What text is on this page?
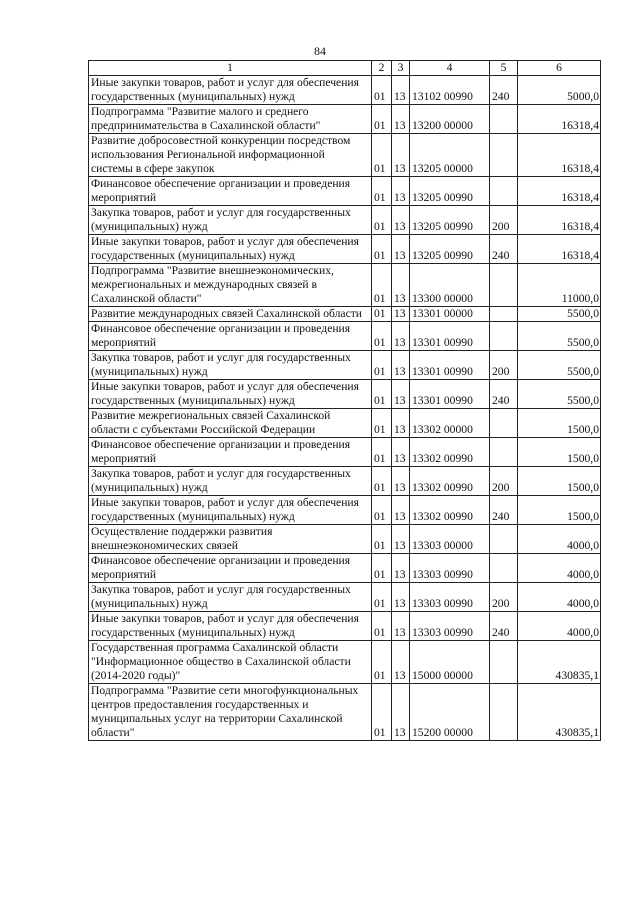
84
1	2	3	4	5	6
Иные закупки товаров, работ и услуг для обеспечения государственных (муниципальных) нужд	01	13	13102 00990	240	5000,0
Подпрограмма "Развитие малого и среднего предпринимательства в Сахалинской области"	01	13	13200 00000		16318,4
Развитие добросовестной конкуренции посредством использования Региональной информационной системы в сфере закупок	01	13	13205 00000		16318,4
Финансовое обеспечение организации и проведения мероприятий	01	13	13205 00990		16318,4
Закупка товаров, работ и услуг для государственных (муниципальных) нужд	01	13	13205 00990	200	16318,4
Иные закупки товаров, работ и услуг для обеспечения государственных (муниципальных) нужд	01	13	13205 00990	240	16318,4
Подпрограмма "Развитие внешнеэкономических, межрегиональных и международных связей в Сахалинской области"	01	13	13300 00000		11000,0
Развитие международных связей Сахалинской области	01	13	13301 00000		5500,0
Финансовое обеспечение организации и проведения мероприятий	01	13	13301 00990		5500,0
Закупка товаров, работ и услуг для государственных (муниципальных) нужд	01	13	13301 00990	200	5500,0
Иные закупки товаров, работ и услуг для обеспечения государственных (муниципальных) нужд	01	13	13301 00990	240	5500,0
Развитие межрегиональных связей Сахалинской области с субъектами Российской Федерации	01	13	13302 00000		1500,0
Финансовое обеспечение организации и проведения мероприятий	01	13	13302 00990		1500,0
Закупка товаров, работ и услуг для государственных (муниципальных) нужд	01	13	13302 00990	200	1500,0
Иные закупки товаров, работ и услуг для обеспечения государственных (муниципальных) нужд	01	13	13302 00990	240	1500,0
Осуществление поддержки развития внешнеэкономических связей	01	13	13303 00000		4000,0
Финансовое обеспечение организации и проведения мероприятий	01	13	13303 00990		4000,0
Закупка товаров, работ и услуг для государственных (муниципальных) нужд	01	13	13303 00990	200	4000,0
Иные закупки товаров, работ и услуг для обеспечения государственных (муниципальных) нужд	01	13	13303 00990	240	4000,0
Государственная программа Сахалинской области "Информационное общество в Сахалинской области (2014-2020 годы)"	01	13	15000 00000		430835,1
Подпрограмма "Развитие сети многофункциональных центров предоставления государственных и муниципальных услуг на территории Сахалинской области"	01	13	15200 00000		430835,1
